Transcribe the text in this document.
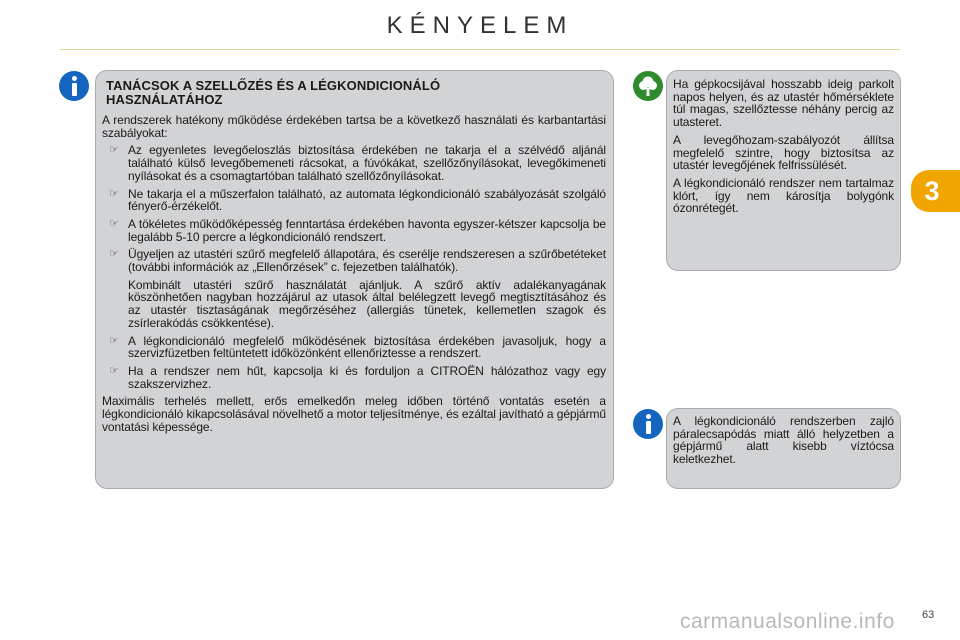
KÉNYELEM
TANÁCSOK A SZELLŐZÉS ÉS A LÉGKONDICIONÁLÓ
HASZNÁLATÁHOZ

A rendszerek hatékony működése érdekében tartsa be a következő használati és karbantartási szabályokat:

☞ Az egyenletes levegőeloszlás biztosítása érdekében ne takarja el a szélvédő aljánál található külső levegőbemeneti rácsokat, a fúvókákat, szellőzőnyílásokat, levegőkimeneti nyílásokat és a csomagtartóban található szellőzőnyílásokat.
☞ Ne takarja el a műszerfalon található, az automata légkondicionáló szabályozását szolgáló fényerő-érzékelőt.
☞ A tökéletes működőképesség fenntartása érdekében havonta egyszer-kétszer kapcsolja be legalább 5-10 percre a légkondicionáló rendszert.
☞ Ügyeljen az utastéri szűrő megfelelő állapotára, és cserélje rendszeresen a szűrőbetéteket (további információk az „Ellenőrzések” c. fejezetben találhatók).

Kombinált utastéri szűrő használatát ajánljuk. A szűrő aktív adalékanyagának köszönhetően nagyban hozzájárul az utasok által belélegzett levegő megtisztításához és az utastér tisztaságának megőrzéséhez (allergiás tünetek, kellemetlen szagok és zsírlerakódás csökkentése).

☞ A légkondicionáló megfelelő működésének biztosítása érdekében javasoljuk, hogy a szervizfüzetben feltüntetett időközönként ellenőriztesse a rendszert.
☞ Ha a rendszer nem hűt, kapcsolja ki és forduljon a CITROËN hálózathoz vagy egy szakszervizhez.

Maximális terhelés mellett, erős emelkedőn meleg időben történő vontatás esetén a légkondicionáló kikapcsolásával növelhető a motor teljesítménye, és ezáltal javítható a gépjármű vontatási képessége.

Ha gépkocsijával hosszabb ideig parkolt napos helyen, és az utastér hőmérséklete túl magas, szellőztesse néhány percig az utasteret.

A levegőhozam-szabályozót állítsa megfelelő szintre, hogy biztosítsa az utastér levegőjének felfrissülését.

A légkondicionáló rendszer nem tartalmaz klórt, így nem károsítja bolygónk ózonrétegét.

A légkondicionáló rendszerben zajló páralecsapódás miatt álló helyzetben a gépjármű alatt kisebb víztócsa keletkezhet.

3
carmanualsonline.info 63
